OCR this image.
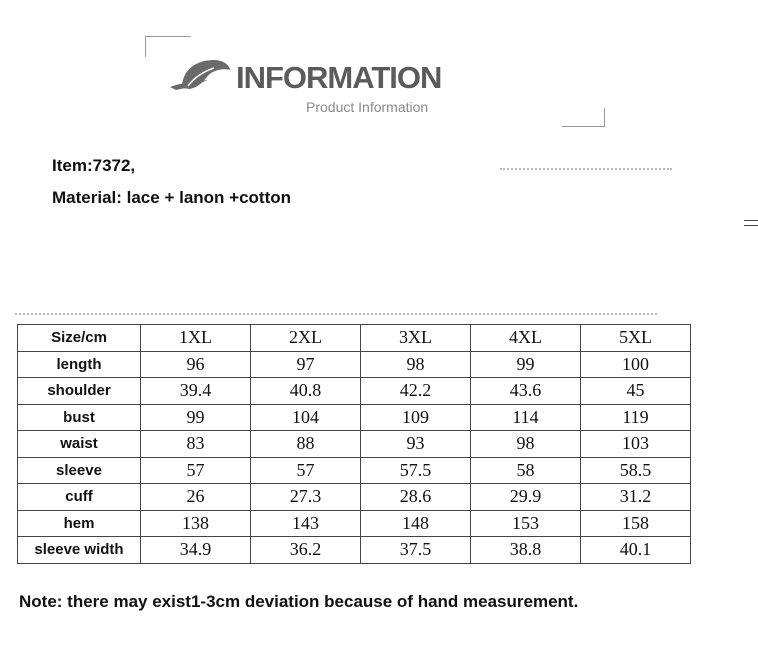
INFORMATION
Product Information
Item:7372,
Material: lace + lanon +cotton
Size/cm	1XL	2XL	3XL	4XL	5XL
length	96	97	98	99	100
shoulder	39.4	40.8	42.2	43.6	45
bust	99	104	109	114	119
waist	83	88	93	98	103
sleeve	57	57	57.5	58	58.5
cuff	26	27.3	28.6	29.9	31.2
hem	138	143	148	153	158
sleeve width	34.9	36.2	37.5	38.8	40.1
Note: there may exist1-3cm deviation because of hand measurement.
